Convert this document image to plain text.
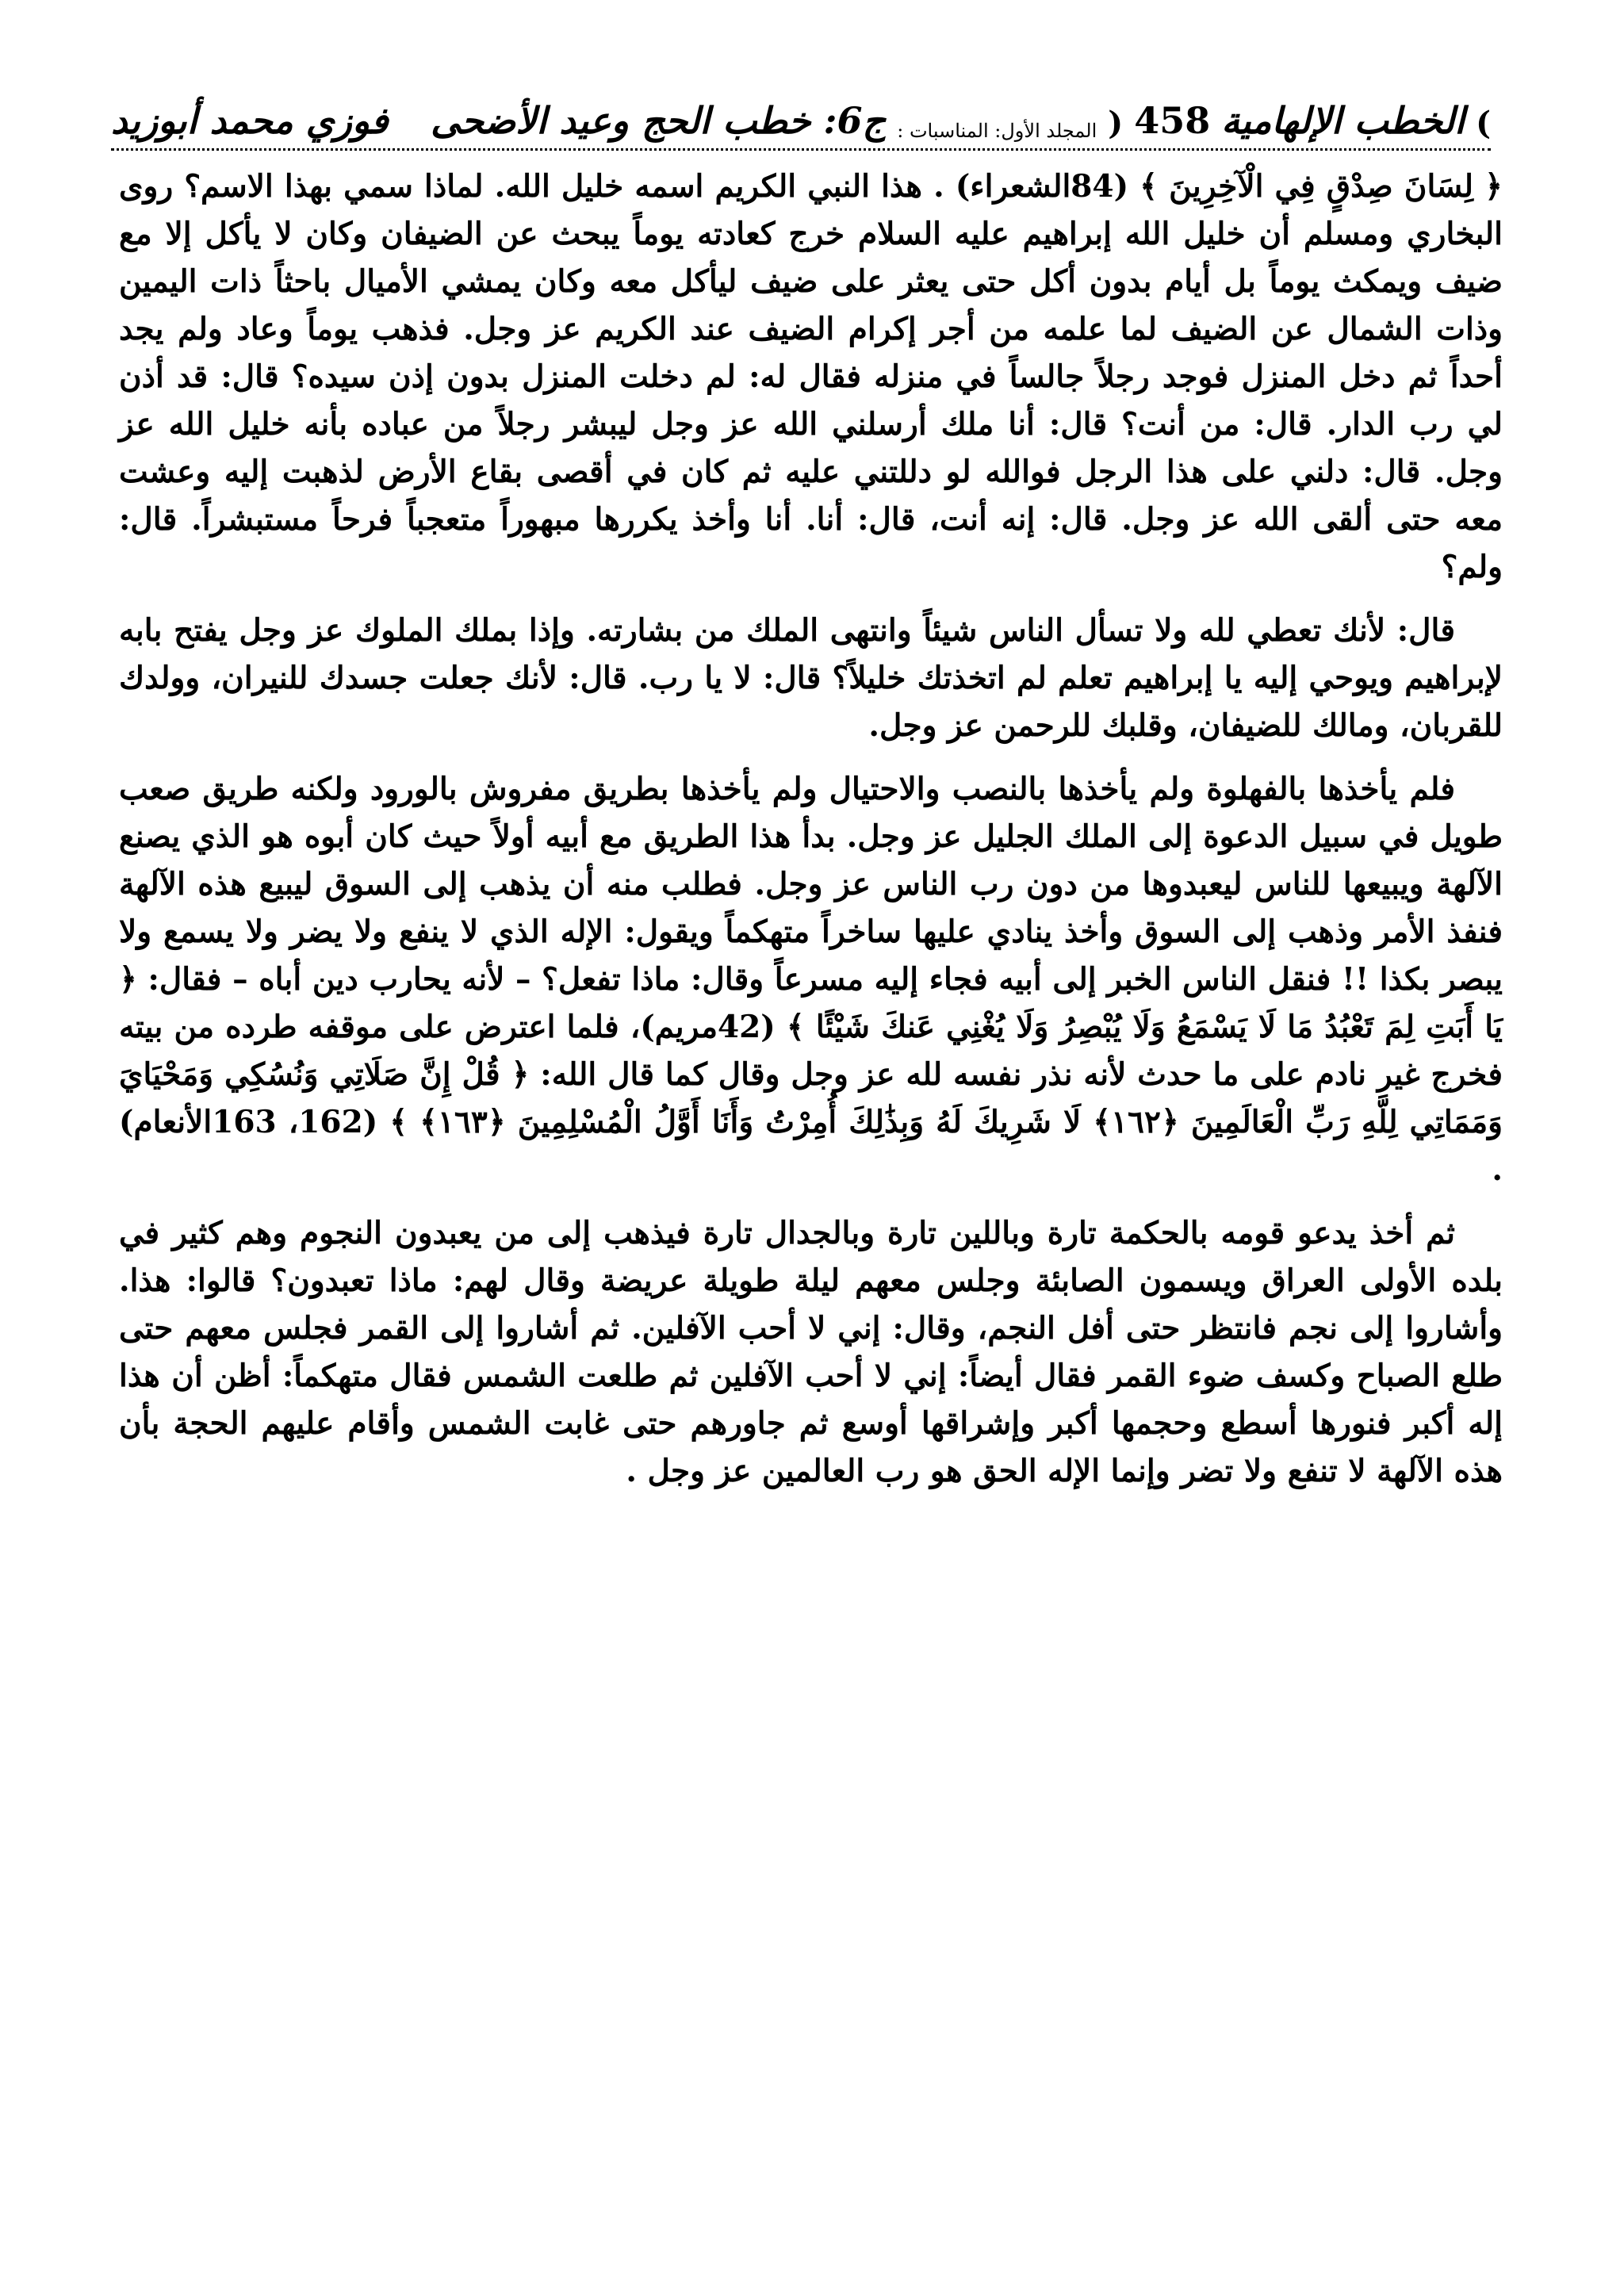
)
الخطب الإلهامية
458
(
المجلد الأول: المناسبات :
ج6: خطب الحج وعيد الأضحى
فوزي محمد أبوزيد

﴿ لِسَانَ صِدْقٍ فِي الْآخِرِينَ ﴾ (84الشعراء) . هذا النبي الكريم اسمه خليل الله. لماذا سمي بهذا الاسم؟ روى البخاري ومسلم أن خليل الله إبراهيم عليه السلام خرج كعادته يوماً يبحث عن الضيفان وكان لا يأكل إلا مع ضيف ويمكث يوماً بل أيام بدون أكل حتى يعثر على ضيف ليأكل معه وكان يمشي الأميال باحثاً ذات اليمين وذات الشمال عن الضيف لما علمه من أجر إكرام الضيف عند الكريم عز وجل. فذهب يوماً وعاد ولم يجد أحداً ثم دخل المنزل فوجد رجلاً جالساً في منزله فقال له: لم دخلت المنزل بدون إذن سيده؟ قال: قد أذن لي رب الدار. قال: من أنت؟ قال: أنا ملك أرسلني الله عز وجل ليبشر رجلاً من عباده بأنه خليل الله عز وجل. قال: دلني على هذا الرجل فوالله لو دللتني عليه ثم كان في أقصى بقاع الأرض لذهبت إليه وعشت معه حتى ألقى الله عز وجل. قال: إنه أنت، قال: أنا. أنا وأخذ يكررها مبهوراً متعجباً فرحاً مستبشراً. قال: ولم؟

قال: لأنك تعطي لله ولا تسأل الناس شيئاً وانتهى الملك من بشارته. وإذا بملك الملوك عز وجل يفتح بابه لإبراهيم ويوحي إليه يا إبراهيم تعلم لم اتخذتك خليلاً؟ قال: لا يا رب. قال: لأنك جعلت جسدك للنيران، وولدك للقربان، ومالك للضيفان، وقلبك للرحمن عز وجل.

فلم يأخذها بالفهلوة ولم يأخذها بالنصب والاحتيال ولم يأخذها بطريق مفروش بالورود ولكنه طريق صعب طويل في سبيل الدعوة إلى الملك الجليل عز وجل. بدأ هذا الطريق مع أبيه أولاً حيث كان أبوه هو الذي يصنع الآلهة ويبيعها للناس ليعبدوها من دون رب الناس عز وجل. فطلب منه أن يذهب إلى السوق ليبيع هذه الآلهة فنفذ الأمر وذهب إلى السوق وأخذ ينادي عليها ساخراً متهكماً ويقول: الإله الذي لا ينفع ولا يضر ولا يسمع ولا يبصر بكذا !! فنقل الناس الخبر إلى أبيه فجاء إليه مسرعاً وقال: ماذا تفعل؟ – لأنه يحارب دين أباه – فقال: ﴿ يَا أَبَتِ لِمَ تَعْبُدُ مَا لَا يَسْمَعُ وَلَا يُبْصِرُ وَلَا يُغْنِي عَنكَ شَيْئًا ﴾ (42مريم)، فلما اعترض على موقفه طرده من بيته فخرج غير نادم على ما حدث لأنه نذر نفسه لله عز وجل وقال كما قال الله: ﴿ قُلْ إِنَّ صَلَاتِي وَنُسُكِي وَمَحْيَايَ وَمَمَاتِي لِلَّهِ رَبِّ الْعَالَمِينَ ﴿١٦٢﴾ لَا شَرِيكَ لَهُ وَبِذَٰلِكَ أُمِرْتُ وَأَنَا أَوَّلُ الْمُسْلِمِينَ ﴿١٦٣﴾ ﴾ (162، 163الأنعام) .

ثم أخذ يدعو قومه بالحكمة تارة وباللين تارة وبالجدال تارة فيذهب إلى من يعبدون النجوم وهم كثير في بلده الأولى العراق ويسمون الصابئة وجلس معهم ليلة طويلة عريضة وقال لهم: ماذا تعبدون؟ قالوا: هذا. وأشاروا إلى نجم فانتظر حتى أفل النجم، وقال: إني لا أحب الآفلين. ثم أشاروا إلى القمر فجلس معهم حتى طلع الصباح وكسف ضوء القمر فقال أيضاً: إني لا أحب الآفلين ثم طلعت الشمس فقال متهكماً: أظن أن هذا إله أكبر فنورها أسطع وحجمها أكبر وإشراقها أوسع ثم جاورهم حتى غابت الشمس وأقام عليهم الحجة بأن هذه الآلهة لا تنفع ولا تضر وإنما الإله الحق هو رب العالمين عز وجل .
